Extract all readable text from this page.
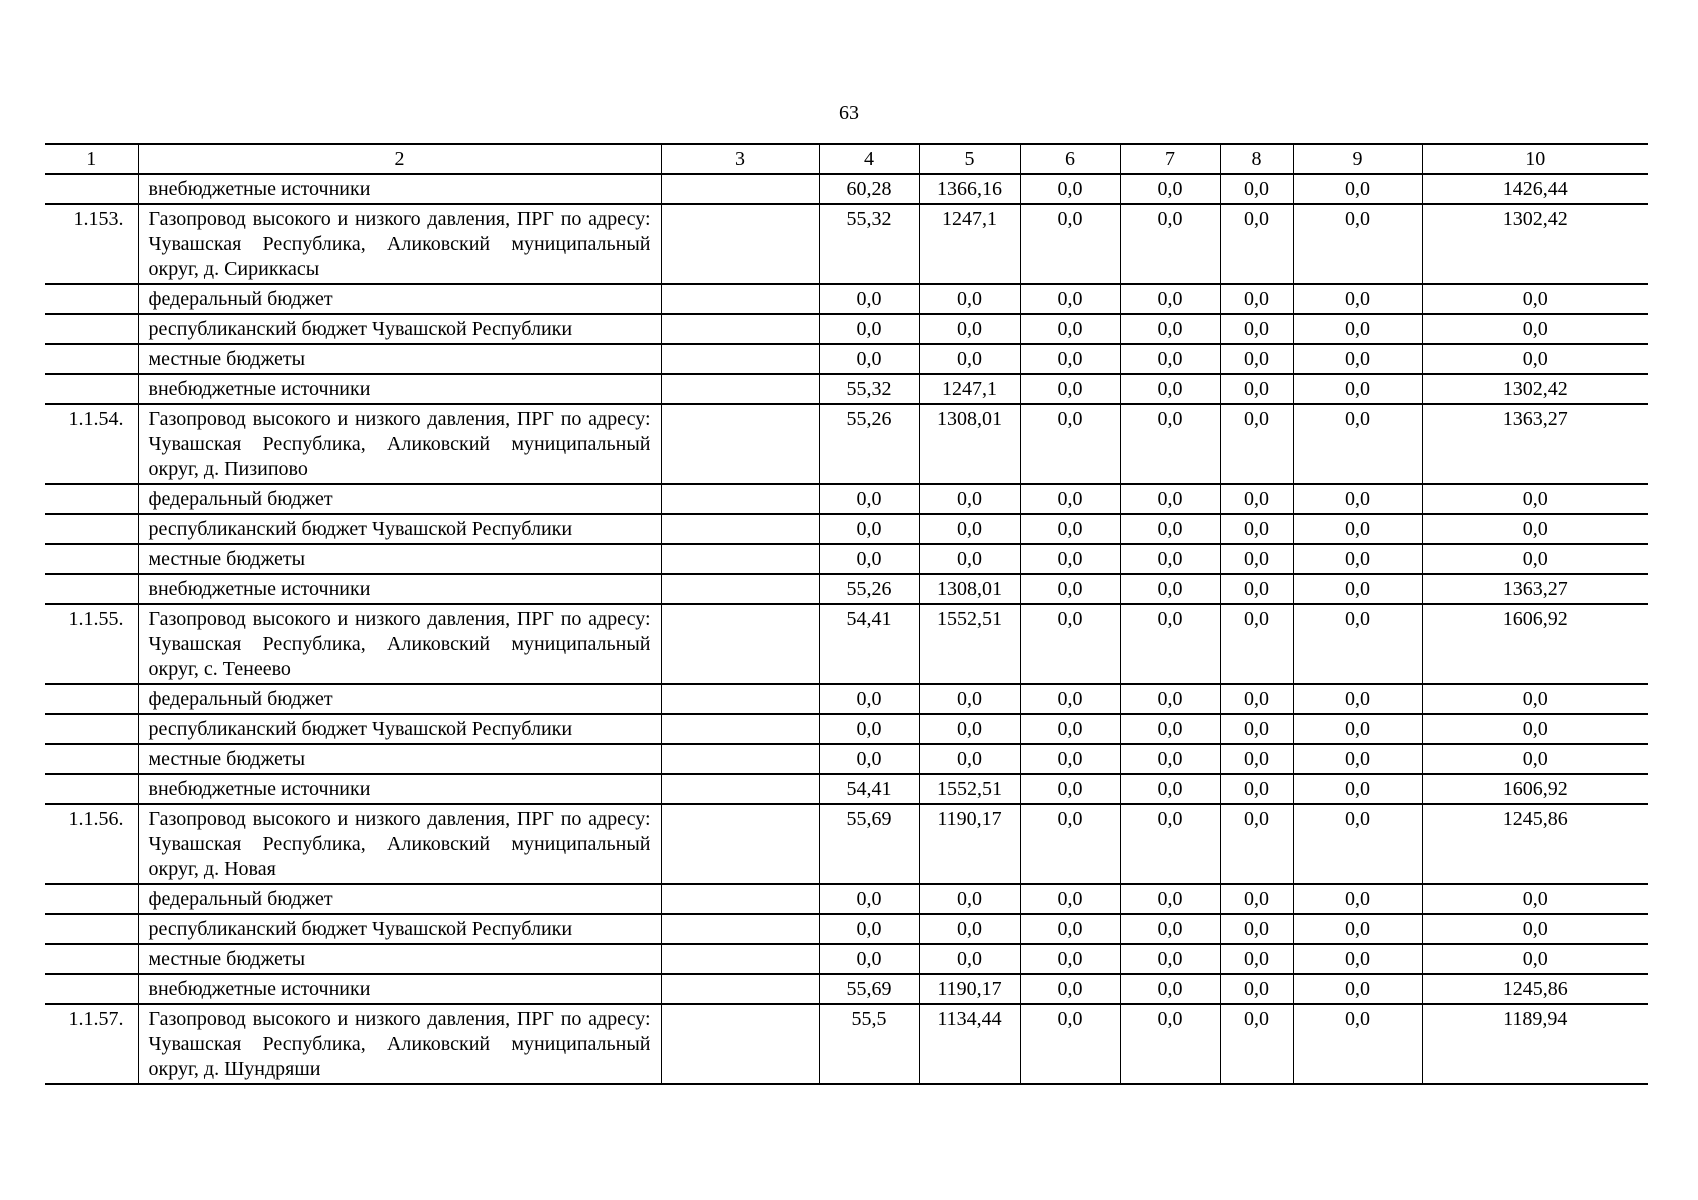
63
1	2	3	4	5	6	7	8	9	10
	внебюджетные источники		60,28	1366,16	0,0	0,0	0,0	0,0	1426,44
1.153.	Газопровод высокого и низкого давления, ПРГ по адресу: Чувашская Республика, Аликовский муниципальный округ, д. Сириккасы		55,32	1247,1	0,0	0,0	0,0	0,0	1302,42
	федеральный бюджет		0,0	0,0	0,0	0,0	0,0	0,0	0,0
	республиканский бюджет Чувашской Республики		0,0	0,0	0,0	0,0	0,0	0,0	0,0
	местные бюджеты		0,0	0,0	0,0	0,0	0,0	0,0	0,0
	внебюджетные источники		55,32	1247,1	0,0	0,0	0,0	0,0	1302,42
1.1.54.	Газопровод высокого и низкого давления, ПРГ по адресу: Чувашская Республика, Аликовский муниципальный округ, д. Пизипово		55,26	1308,01	0,0	0,0	0,0	0,0	1363,27
	федеральный бюджет		0,0	0,0	0,0	0,0	0,0	0,0	0,0
	республиканский бюджет Чувашской Республики		0,0	0,0	0,0	0,0	0,0	0,0	0,0
	местные бюджеты		0,0	0,0	0,0	0,0	0,0	0,0	0,0
	внебюджетные источники		55,26	1308,01	0,0	0,0	0,0	0,0	1363,27
1.1.55.	Газопровод высокого и низкого давления, ПРГ по адресу: Чувашская Республика, Аликовский муниципальный округ, с. Тенеево		54,41	1552,51	0,0	0,0	0,0	0,0	1606,92
	федеральный бюджет		0,0	0,0	0,0	0,0	0,0	0,0	0,0
	республиканский бюджет Чувашской Республики		0,0	0,0	0,0	0,0	0,0	0,0	0,0
	местные бюджеты		0,0	0,0	0,0	0,0	0,0	0,0	0,0
	внебюджетные источники		54,41	1552,51	0,0	0,0	0,0	0,0	1606,92
1.1.56.	Газопровод высокого и низкого давления, ПРГ по адресу: Чувашская Республика, Аликовский муниципальный округ, д. Новая		55,69	1190,17	0,0	0,0	0,0	0,0	1245,86
	федеральный бюджет		0,0	0,0	0,0	0,0	0,0	0,0	0,0
	республиканский бюджет Чувашской Республики		0,0	0,0	0,0	0,0	0,0	0,0	0,0
	местные бюджеты		0,0	0,0	0,0	0,0	0,0	0,0	0,0
	внебюджетные источники		55,69	1190,17	0,0	0,0	0,0	0,0	1245,86
1.1.57.	Газопровод высокого и низкого давления, ПРГ по адресу: Чувашская Республика, Аликовский муниципальный округ, д. Шундряши		55,5	1134,44	0,0	0,0	0,0	0,0	1189,94
